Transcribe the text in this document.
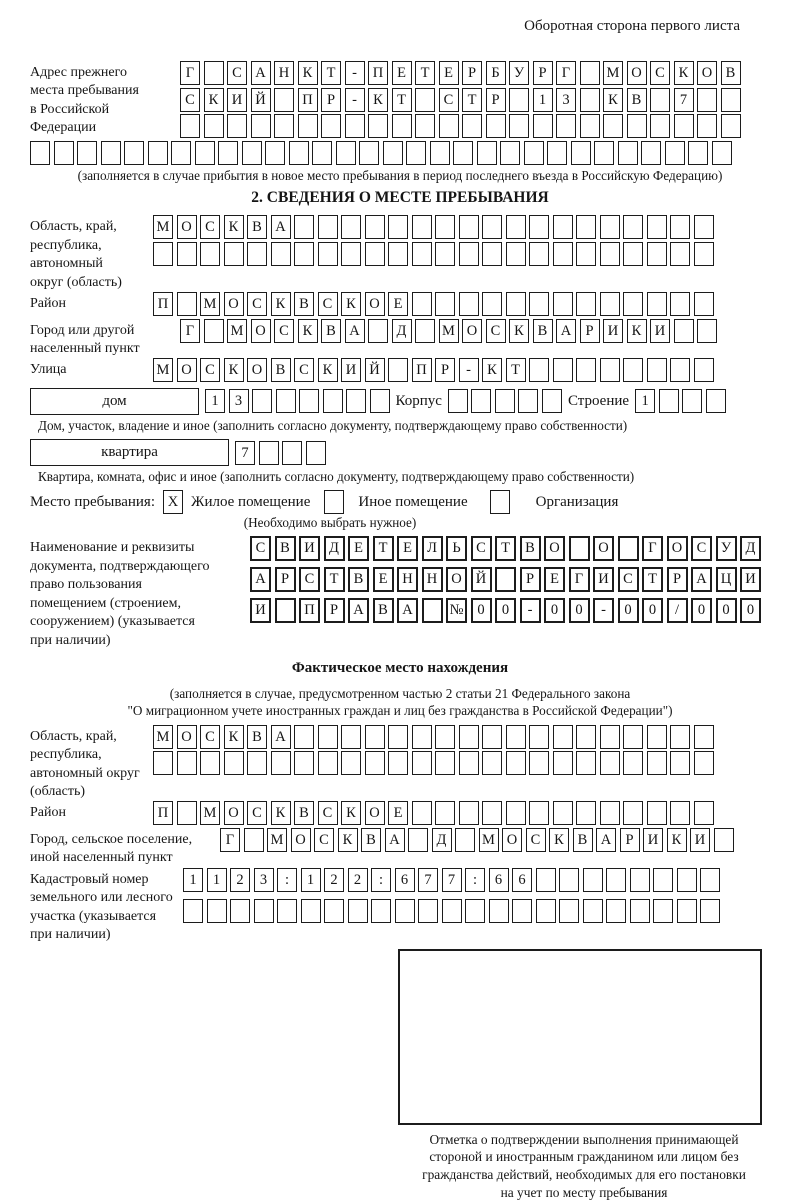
Оборотная сторона первого листа
Адрес прежнего
места пребывания
в Российской
Федерации
Г	С А Н К Т	-	П Е	Т	Е	Р	Б У Р	Г	М О С К О В
С К И Й	П Р	-	К Т	С Т	Р	1	3	К В	7
(заполняется в случае прибытия в новое место пребывания в период последнего въезда в Российскую Федерацию)
2. СВЕДЕНИЯ О МЕСТЕ ПРЕБЫВАНИЯ
Область, край,
республика,
автономный
округ (область)
М О С К В А
Район	П	М О С К В С К О Е
Город или другой
населенный пункт
Г	М О С К В А	Д	М О С К В А Р И К И
Улица	М О С К О В С К И Й	П Р	-	К Т
дом	1	3	Корпус	Строение 1
Дом, участок, владение и иное (заполнить согласно документу, подтверждающему право собственности)
квартира	7
Квартира, комната, офис и иное (заполнить согласно документу, подтверждающему право собственности)
Место пребывания: X Жилое помещение	Иное помещение	Организация
(Необходимо выбрать нужное)
Наименование и реквизиты
документа, подтверждающего
право пользования
помещением (строением,
сооружением) (указывается
при наличии)
С	В И Д	Е	Т	Е	Л	Ь	С	Т	В О	О	Г	О С	У Д
А	Р	С	Т	В	Е	Н Н О Й	Р	Е	Г	И С	Т	Р	А Ц И
И	П	Р	А В А	№ 0	0	-	0	0	-	0	0	/	0	0	0
Фактическое место нахождения
(заполняется в случае, предусмотренном частью 2 статьи 21 Федерального закона
"О миграционном учете иностранных граждан и лиц без гражданства в Российской Федерации")
Область, край,
республика,
автономный округ
(область)
М О С К В А
Район	П	М О С К В С К О Е
Город, сельское поселение,
иной населенный пункт
Г	М О С К В А	Д	М О С К В А Р И К И
Кадастровый номер
земельного или лесного
участка (указывается
при наличии)
1	1	2	3	:	1	2	2	:	6	7	7	:	6	6
Отметка о подтверждении выполнения принимающей
стороной и иностранным гражданином или лицом без
гражданства действий, необходимых для его постановки
на учет по месту пребывания
